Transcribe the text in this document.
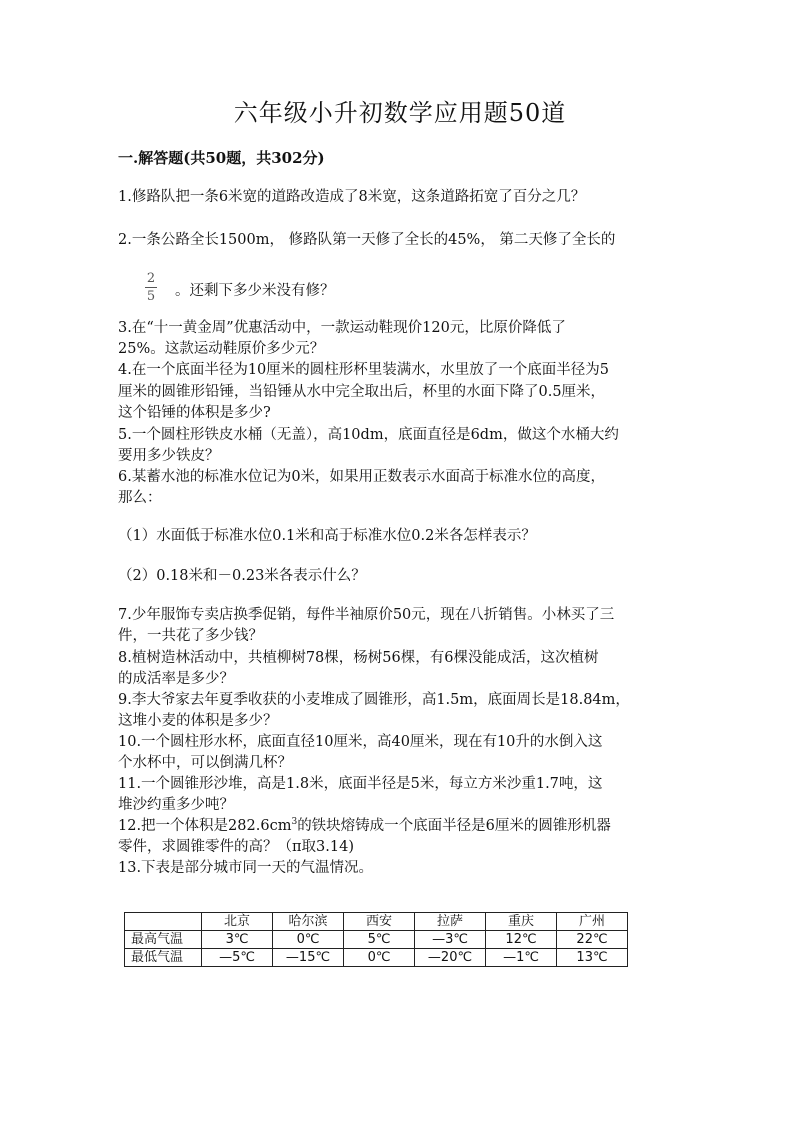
六年级小升初数学应用题50道

一.解答题(共50题，共302分)

1.修路队把一条6米宽的道路改造成了8米宽，这条道路拓宽了百分之几？

2.一条公路全长1500m， 修路队第一天修了全长的45%， 第二天修了全长的

2
5 。还剩下多少米没有修？

3.在“十一黄金周”优惠活动中，一款运动鞋现价120元，比原价降低了

25%。这款运动鞋原价多少元？

4.在一个底面半径为10厘米的圆柱形杯里装满水，水里放了一个底面半径为5

厘米的圆锥形铅锤，当铅锤从水中完全取出后，杯里的水面下降了0.5厘米，

这个铅锤的体积是多少?

5.一个圆柱形铁皮水桶（无盖），高10dm，底面直径是6dm，做这个水桶大约

要用多少铁皮？

6.某蓄水池的标准水位记为0米，如果用正数表示水面高于标准水位的高度，

那么：

（1）水面低于标准水位0.1米和高于标准水位0.2米各怎样表示？

（2）0.18米和－0.23米各表示什么？

7.少年服饰专卖店换季促销，每件半袖原价50元，现在八折销售。小林买了三

件，一共花了多少钱？

8.植树造林活动中，共植柳树78棵，杨树56棵，有6棵没能成活，这次植树

的成活率是多少？

9.李大爷家去年夏季收获的小麦堆成了圆锥形，高1.5m，底面周长是18.84m，

这堆小麦的体积是多少？

10.一个圆柱形水杯，底面直径10厘米，高40厘米，现在有10升的水倒入这

个水杯中，可以倒满几杯？

11.一个圆锥形沙堆，高是1.8米，底面半径是5米，每立方米沙重1.7吨，这

堆沙约重多少吨？

12.把一个体积是$282.6cm^3$的铁块熔铸成一个底面半径是6厘米的圆锥形机器

零件，求圆锥零件的高？（π取3.14)

13.下表是部分城市同一天的气温情况。

	北京	哈尔滨	西安	拉萨	重庆	广州
最高气温	3℃	0℃	5℃	—3℃	12℃	22℃
最低气温	—5℃	—15℃	0℃	—20℃	—1℃	13℃
